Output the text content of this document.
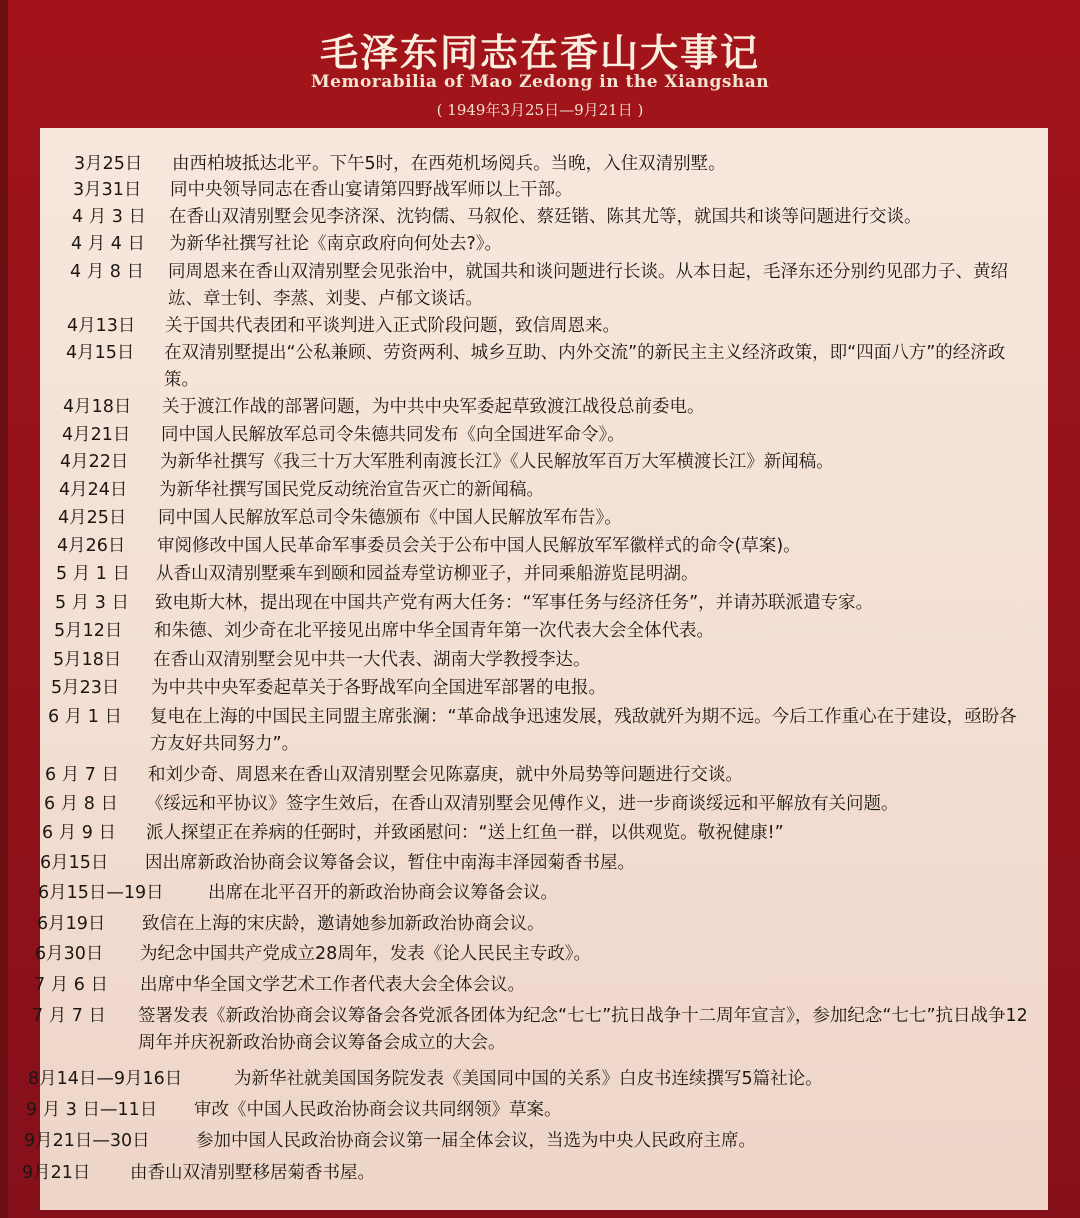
毛泽东同志在香山大事记
Memorabilia of Mao Zedong in the Xiangshan
( 1949年3月25日—9月21日 )
3月25日 由西柏坡抵达北平。下午5时，在西苑机场阅兵。当晚，入住双清别墅。
3月31日 同中央领导同志在香山宴请第四野战军师以上干部。
4 月 3 日 在香山双清别墅会见李济深、沈钧儒、马叙伦、蔡廷锴、陈其尤等，就国共和谈等问题进行交谈。
4 月 4 日 为新华社撰写社论《南京政府向何处去?》。
4 月 8 日 同周恩来在香山双清别墅会见张治中，就国共和谈问题进行长谈。从本日起，毛泽东还分别约见邵力子、黄绍竑、章士钊、李蒸、刘斐、卢郁文谈话。
4月13日 关于国共代表团和平谈判进入正式阶段问题，致信周恩来。
4月15日 在双清别墅提出“公私兼顾、劳资两利、城乡互助、内外交流”的新民主主义经济政策，即“四面八方”的经济政策。
4月18日 关于渡江作战的部署问题，为中共中央军委起草致渡江战役总前委电。
4月21日 同中国人民解放军总司令朱德共同发布《向全国进军命令》。
4月22日 为新华社撰写《我三十万大军胜利南渡长江》《人民解放军百万大军横渡长江》新闻稿。
4月24日 为新华社撰写国民党反动统治宣告灭亡的新闻稿。
4月25日 同中国人民解放军总司令朱德颁布《中国人民解放军布告》。
4月26日 审阅修改中国人民革命军事委员会关于公布中国人民解放军军徽样式的命令(草案)。
5 月 1 日 从香山双清别墅乘车到颐和园益寿堂访柳亚子，并同乘船游览昆明湖。
5 月 3 日 致电斯大林，提出现在中国共产党有两大任务：“军事任务与经济任务”，并请苏联派遣专家。
5月12日 和朱德、刘少奇在北平接见出席中华全国青年第一次代表大会全体代表。
5月18日 在香山双清别墅会见中共一大代表、湖南大学教授李达。
5月23日 为中共中央军委起草关于各野战军向全国进军部署的电报。
6 月 1 日 复电在上海的中国民主同盟主席张澜：“革命战争迅速发展，残敌就歼为期不远。今后工作重心在于建设，亟盼各方友好共同努力”。
6 月 7 日 和刘少奇、周恩来在香山双清别墅会见陈嘉庚，就中外局势等问题进行交谈。
6 月 8 日 《绥远和平协议》签字生效后，在香山双清别墅会见傅作义，进一步商谈绥远和平解放有关问题。
6 月 9 日 派人探望正在养病的任弼时，并致函慰问：“送上红鱼一群，以供观览。敬祝健康!”
6月15日 因出席新政治协商会议筹备会议，暂住中南海丰泽园菊香书屋。
6月15日—19日	出席在北平召开的新政治协商会议筹备会议。
6月19日 致信在上海的宋庆龄，邀请她参加新政治协商会议。
6月30日 为纪念中国共产党成立28周年，发表《论人民民主专政》。
7 月 6 日 出席中华全国文学艺术工作者代表大会全体会议。
7 月 7 日 签署发表《新政治协商会议筹备会各党派各团体为纪念“七七”抗日战争十二周年宣言》，参加纪念“七七”抗日战争12周年并庆祝新政治协商会议筹备会成立的大会。
8月14日—9月16日	为新华社就美国国务院发表《美国同中国的关系》白皮书连续撰写5篇社论。
9 月 3 日—11日 审改《中国人民政治协商会议共同纲领》草案。
9月21日—30日	参加中国人民政治协商会议第一届全体会议，当选为中央人民政府主席。
9月21日 由香山双清别墅移居菊香书屋。
